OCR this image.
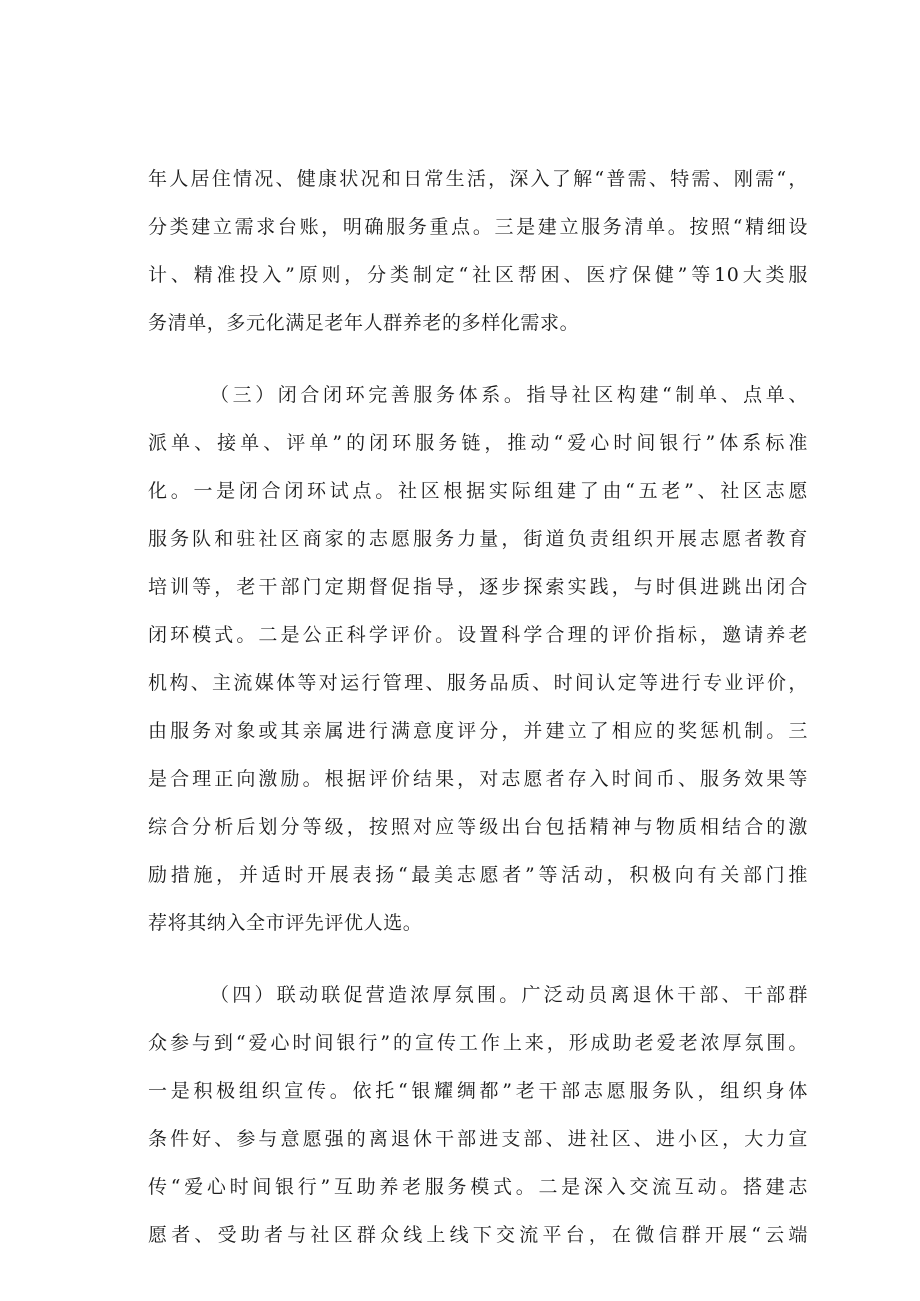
年人居住情况、健康状况和日常生活，深入了解“普需、特需、刚需“，
分类建立需求台账，明确服务重点。三是建立服务清单。按照“精细设
计、精准投入”原则，分类制定“社区帮困、医疗保健”等10大类服
务清单，多元化满足老年人群养老的多样化需求。
（三）闭合闭环完善服务体系。指导社区构建“制单、点单、
派单、接单、评单”的闭环服务链，推动“爱心时间银行”体系标准
化。一是闭合闭环试点。社区根据实际组建了由“五老”、社区志愿
服务队和驻社区商家的志愿服务力量，街道负责组织开展志愿者教育
培训等，老干部门定期督促指导，逐步探索实践，与时俱进跳出闭合
闭环模式。二是公正科学评价。设置科学合理的评价指标，邀请养老
机构、主流媒体等对运行管理、服务品质、时间认定等进行专业评价，
由服务对象或其亲属进行满意度评分，并建立了相应的奖惩机制。三
是合理正向激励。根据评价结果，对志愿者存入时间币、服务效果等
综合分析后划分等级，按照对应等级出台包括精神与物质相结合的激
励措施，并适时开展表扬“最美志愿者”等活动，积极向有关部门推
荐将其纳入全市评先评优人选。
（四）联动联促营造浓厚氛围。广泛动员离退休干部、干部群
众参与到“爱心时间银行”的宣传工作上来，形成助老爱老浓厚氛围。
一是积极组织宣传。依托“银耀绸都”老干部志愿服务队，组织身体
条件好、参与意愿强的离退休干部进支部、进社区、进小区，大力宣
传“爱心时间银行”互助养老服务模式。二是深入交流互动。搭建志
愿者、受助者与社区群众线上线下交流平台，在微信群开展“云端
